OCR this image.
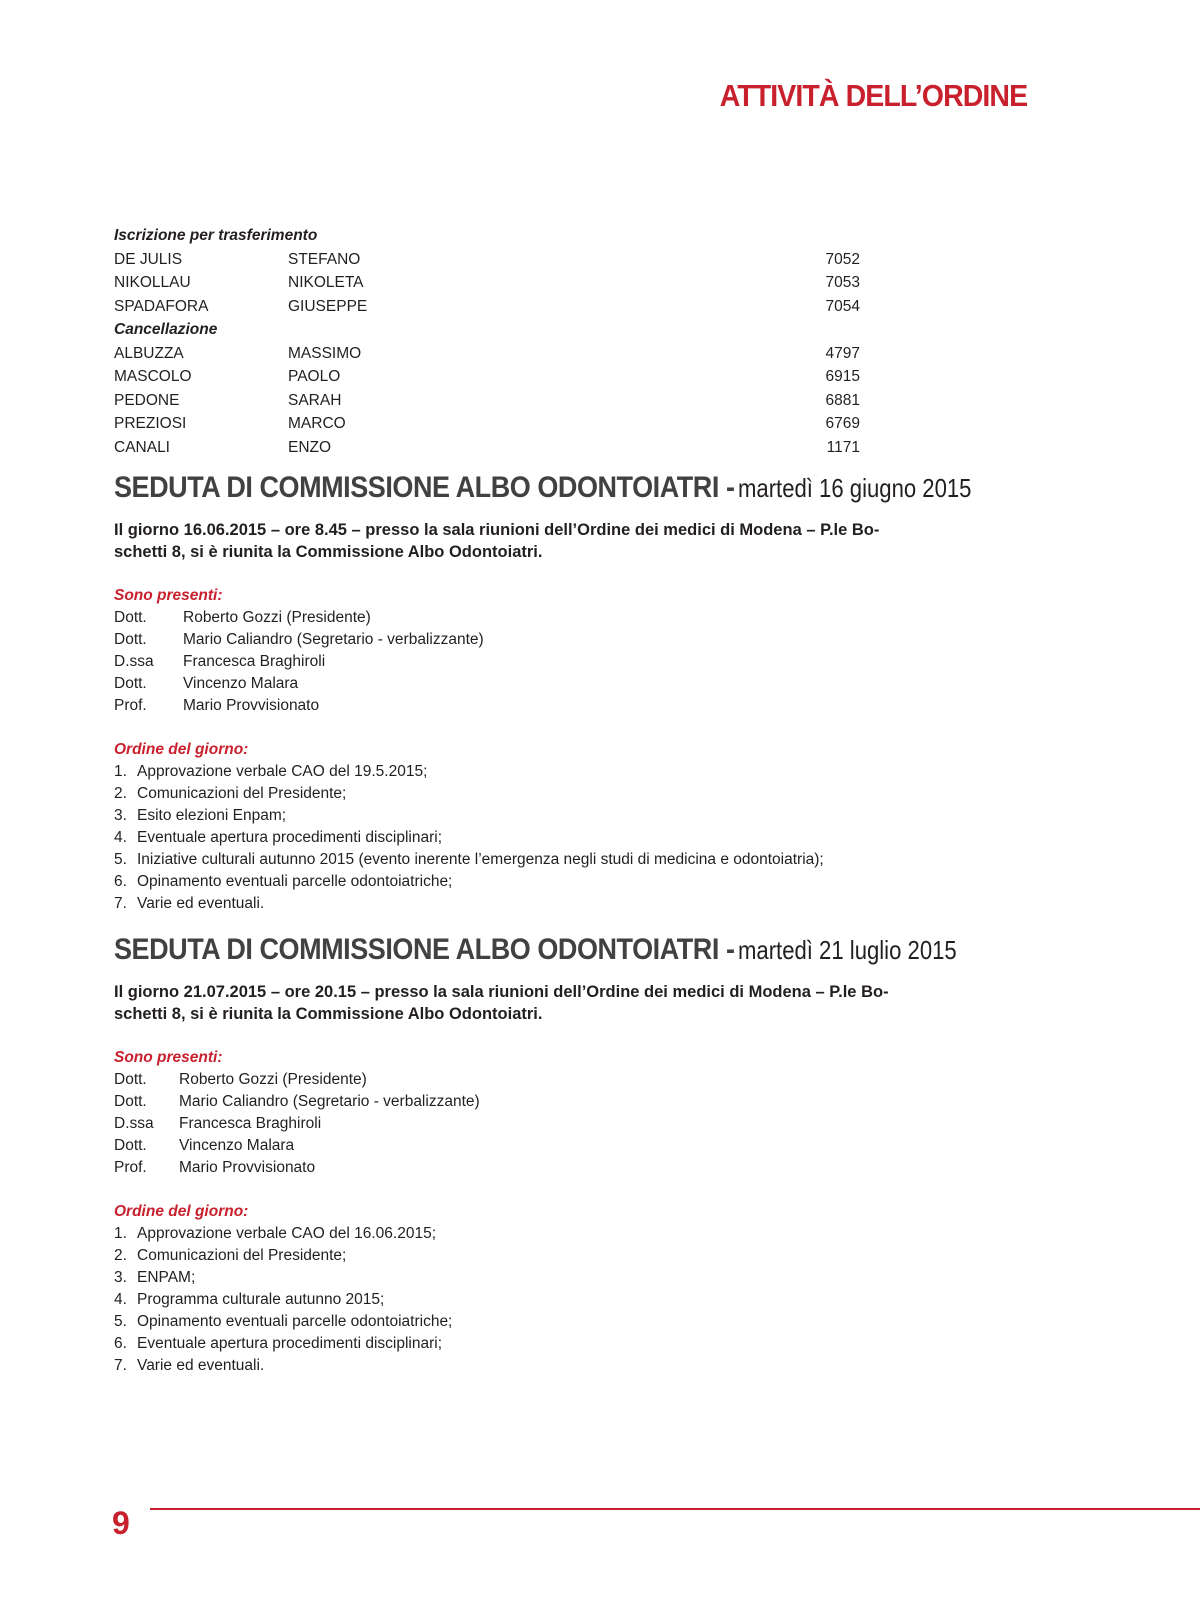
ATTIVITÀ DELL’ORDINE
Iscrizione per trasferimento
DE JULIS	STEFANO	7052
NIKOLLAU	NIKOLETA	7053
SPADAFORA	GIUSEPPE	7054
Cancellazione
ALBUZZA	MASSIMO	4797
MASCOLO	PAOLO	6915
PEDONE	SARAH	6881
PREZIOSI	MARCO	6769
CANALI	ENZO	1171
SEDUTA DI COMMISSIONE ALBO ODONTOIATRI - martedì 16 giugno 2015
Il giorno 16.06.2015 – ore 8.45 – presso la sala riunioni dell’Ordine dei medici di Modena – P.le Bo-
schetti 8, si è riunita la Commissione Albo Odontoiatri.
Sono presenti:
Dott.	Roberto Gozzi (Presidente)
Dott.	Mario Caliandro (Segretario - verbalizzante)
D.ssa	Francesca Braghiroli
Dott.	Vincenzo Malara
Prof.	Mario Provvisionato
Ordine del giorno:
1. Approvazione verbale CAO del 19.5.2015;
2. Comunicazioni del Presidente;
3. Esito elezioni Enpam;
4. Eventuale apertura procedimenti disciplinari;
5. Iniziative culturali autunno 2015 (evento inerente l’emergenza negli studi di medicina e odontoiatria);
6. Opinamento eventuali parcelle odontoiatriche;
7. Varie ed eventuali.
SEDUTA DI COMMISSIONE ALBO ODONTOIATRI - martedì 21 luglio 2015
Il giorno 21.07.2015 – ore 20.15 – presso la sala riunioni dell’Ordine dei medici di Modena – P.le Bo-
schetti 8, si è riunita la Commissione Albo Odontoiatri.
Sono presenti:
Dott.	Roberto Gozzi (Presidente)
Dott.	Mario Caliandro (Segretario - verbalizzante)
D.ssa	Francesca Braghiroli
Dott.	Vincenzo Malara
Prof.	Mario Provvisionato
Ordine del giorno:
1. Approvazione verbale CAO del 16.06.2015;
2. Comunicazioni del Presidente;
3. ENPAM;
4. Programma culturale autunno 2015;
5. Opinamento eventuali parcelle odontoiatriche;
6. Eventuale apertura procedimenti disciplinari;
7. Varie ed eventuali.
9
